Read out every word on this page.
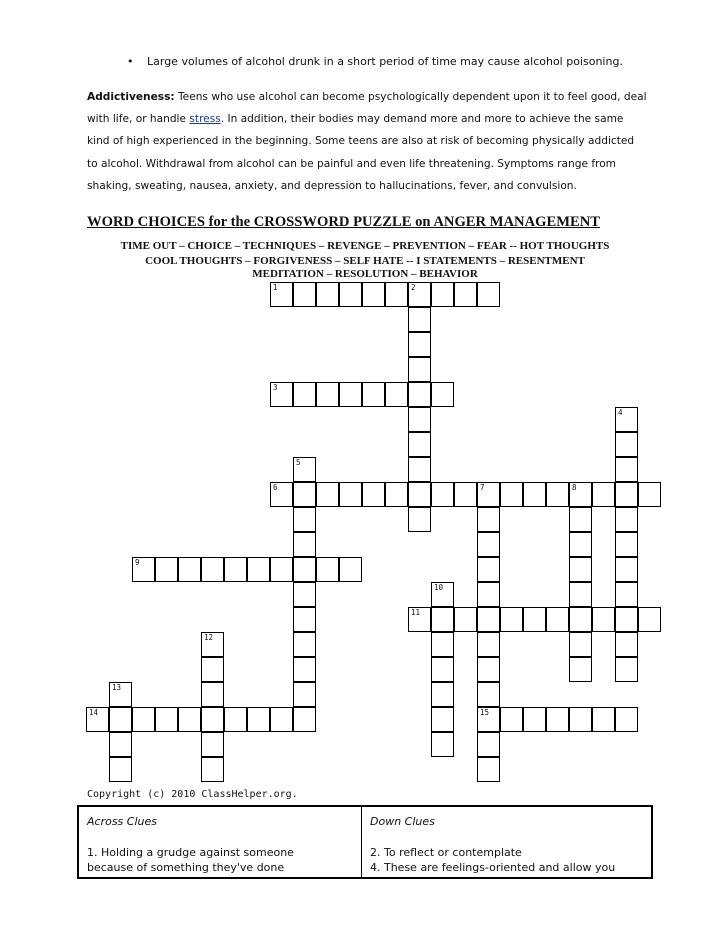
• Large volumes of alcohol drunk in a short period of time may cause alcohol poisoning.
Addictiveness: Teens who use alcohol can become psychologically dependent upon it to feel good, deal with life, or handle stress. In addition, their bodies may demand more and more to achieve the same kind of high experienced in the beginning. Some teens are also at risk of becoming physically addicted to alcohol. Withdrawal from alcohol can be painful and even life threatening. Symptoms range from shaking, sweating, nausea, anxiety, and depression to hallucinations, fever, and convulsion.
WORD CHOICES for the CROSSWORD PUZZLE on ANGER MANAGEMENT
TIME OUT – CHOICE – TECHNIQUES – REVENGE – PREVENTION – FEAR -- HOT THOUGHTS
COOL THOUGHTS – FORGIVENESS – SELF HATE -- I STATEMENTS – RESENTMENT
MEDITATION – RESOLUTION – BEHAVIOR
1	2
3
6	7	8
9
11
14	15
4
5
10
12
13
Copyright (c) 2010 ClassHelper.org.
Across Clues
1. Holding a grudge against someone
because of something they've done
Down Clues
2. To reflect or contemplate
4. These are feelings-oriented and allow you
